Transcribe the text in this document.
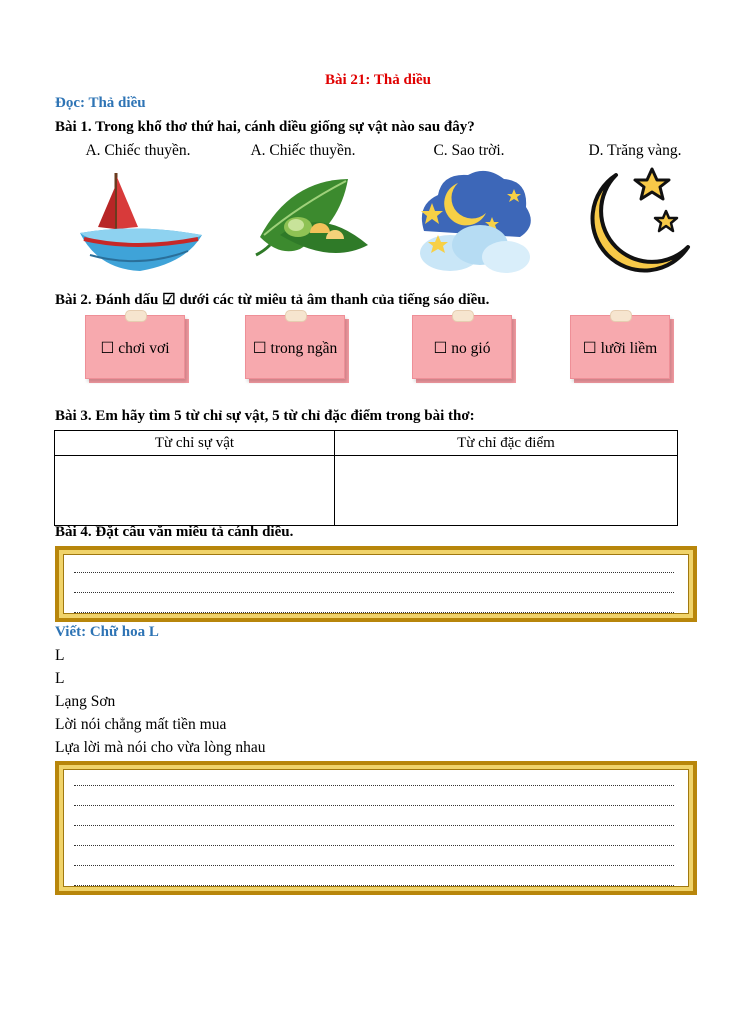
Bài 21: Thả diều
Đọc: Thả diều
Bài 1. Trong khổ thơ thứ hai, cánh diều giống sự vật nào sau đây?
A. Chiếc thuyền.	A. Chiếc thuyền.	C. Sao trời.	D. Trăng vàng.
Bài 2. Đánh dấu ☑ dưới các từ miêu tả âm thanh của tiếng sáo diều.
☐ chơi vơi	☐ trong ngần	☐ no gió	☐ lưỡi liềm
Bài 3. Em hãy tìm 5 từ chỉ sự vật, 5 từ chỉ đặc điểm trong bài thơ:
Từ chỉ sự vật	Từ chỉ đặc điểm

Bài 4. Đặt câu văn miêu tả cánh diều.
Viết: Chữ hoa L
L
L
Lạng Sơn
Lời nói chẳng mất tiền mua
Lựa lời mà nói cho vừa lòng nhau
